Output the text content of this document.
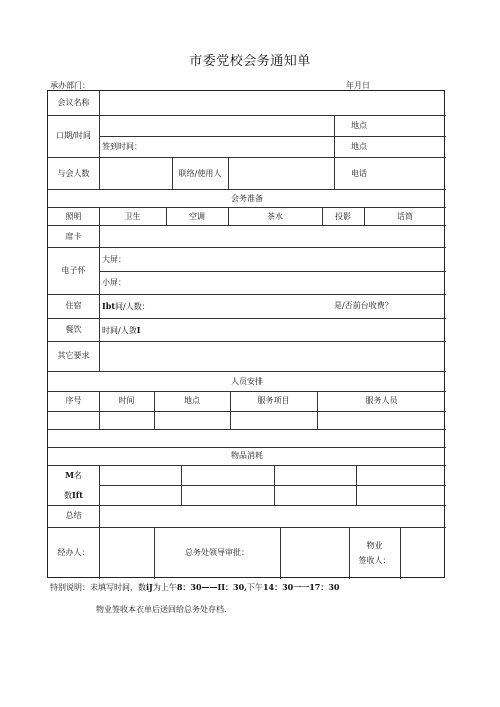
市委党校会务通知单
承办部门：	年月日
会议名称
口期/时间
地点
签到时间：	地点
与会人数	联络/使用人	电话
会务准备
照明	卫生	空调	茶水	投影	话筒
席卡
电子怀
大屏：
小屏：
住宿	Ibt间/人数：	是/否前台收费？
餐饮	时间/人敛I
其它要求
人员安排
序号	时间	地点	服务项目	服务人员
物品消耗
M名
数Ift
总结
经办人：	总务处领导审批：
物业
签收人：
特别说明：未填写时间，数iJ为上午8：30——II：30,下午14：30一一17：30
物业签收本衣单后送回给总务处存档.
